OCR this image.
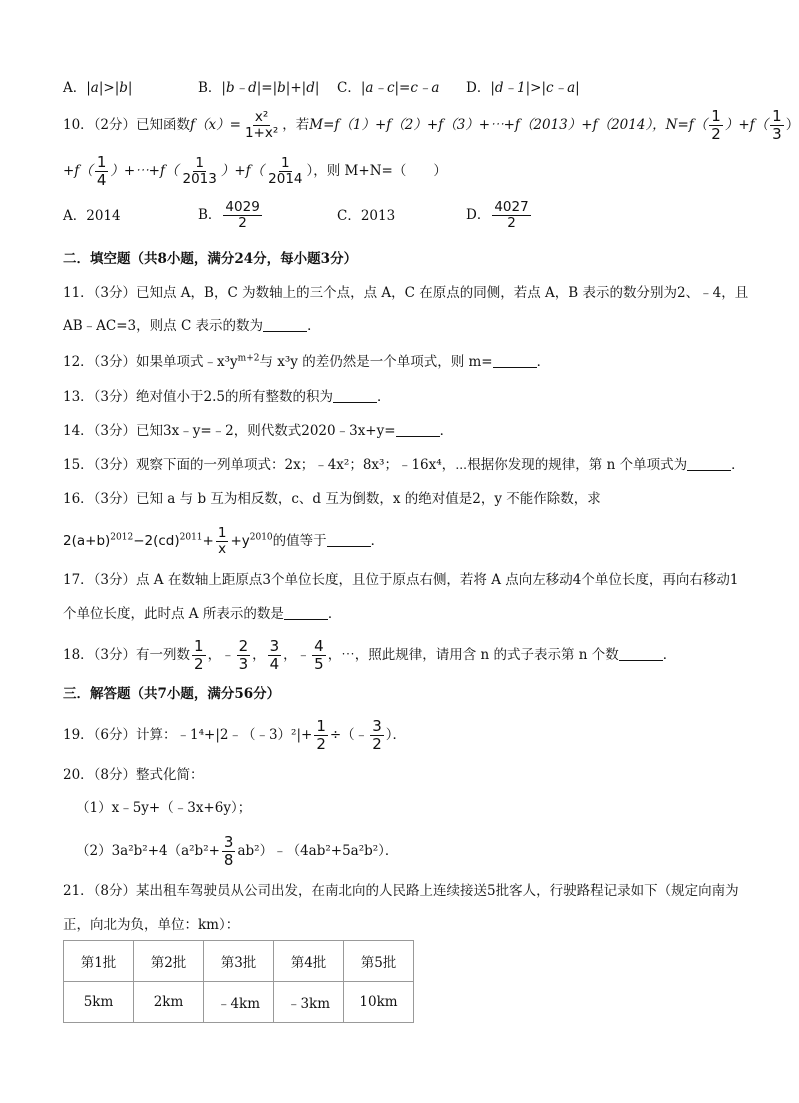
A．|a|>|b|	B．|b﹣d|=|b|+|d| C．|a﹣c|=c﹣a D．|d﹣1|>|c﹣a|
10．（2分）已知函数$f(x)= \frac{\text{x²}}{\text{1+x²}}$ ，若M=f（1）+f（2）+f（3）+⋯+f（2013）+f（2014），$N=f( \frac{1}{2} )+f( \frac{1}{3}$ ）
$+f( \frac{1}{4}$ ）+⋯+f（ $\frac{1}{2013} )+f( \frac{1}{2014}$ ），则 M+N=（　　）
A．2014	B． $\frac{4029}{2}$	C．2013	D． $\frac{4027}{2}$
二．填空题（共8小题，满分24分，每小题3分）
11．（3分）已知点 A，B，C 为数轴上的三个点，点 A，C 在原点的同侧，若点 A，B 表示的数分别为2、﹣4，且
AB﹣AC=3，则点 C 表示的数为	．
12．（3分）如果单项式$﹣x^3y^{m+2}$与 x³y 的差仍然是一个单项式，则 m=	．
13．（3分）绝对值小于2.5的所有整数的积为	．
14．（3分）已知3x﹣y=﹣2，则代数式2020﹣3x+y=	．
15．（3分）观察下面的一列单项式：2x；﹣4x²；8x³；﹣16x⁴，⋯根据你发现的规律，第 n 个单项式为	．
16．（3分）已知 a 与 b 互为相反数，c、d 互为倒数，x 的绝对值是2，y 不能作除数，求
$2(a+b)^{2012}-2(cd)^{2011}+ \frac{1}{x} +y^{2010}$的值等于	．
17．（3分）点 A 在数轴上距原点3个单位长度，且位于原点右侧，若将 A 点向左移动4个单位长度，再向右移动1
个单位长度，此时点 A 所表示的数是	．
18．（3分）有一列数 $\frac{1}{2}$ ，﹣ $\frac{2}{3}$ ， $\frac{3}{4}$ ，﹣ $\frac{4}{5}$ ，⋯，照此规律，请用含 n 的式子表示第 n 个数	．
三．解答题（共7小题，满分56分）
19．（6分）计算：﹣1⁴+|2﹣（﹣3）²|+ $\frac{1}{2}$ ÷（﹣ $\frac{3}{2}$ ）．
20．（8分）整式化简：
（1）x﹣5y+（﹣3x+6y）；
$(2)3a^2b^2+4(a^2b^2+ \frac{3}{8}$ ab²）﹣（4ab²+5a²b²）．
21．（8分）某出租车驾驶员从公司出发，在南北向的人民路上连续接送5批客人，行驶路程记录如下（规定向南为
正，向北为负，单位：km）：
第1批	第2批	第3批	第4批	第5批
5km	2km	﹣4km	﹣3km	10km
